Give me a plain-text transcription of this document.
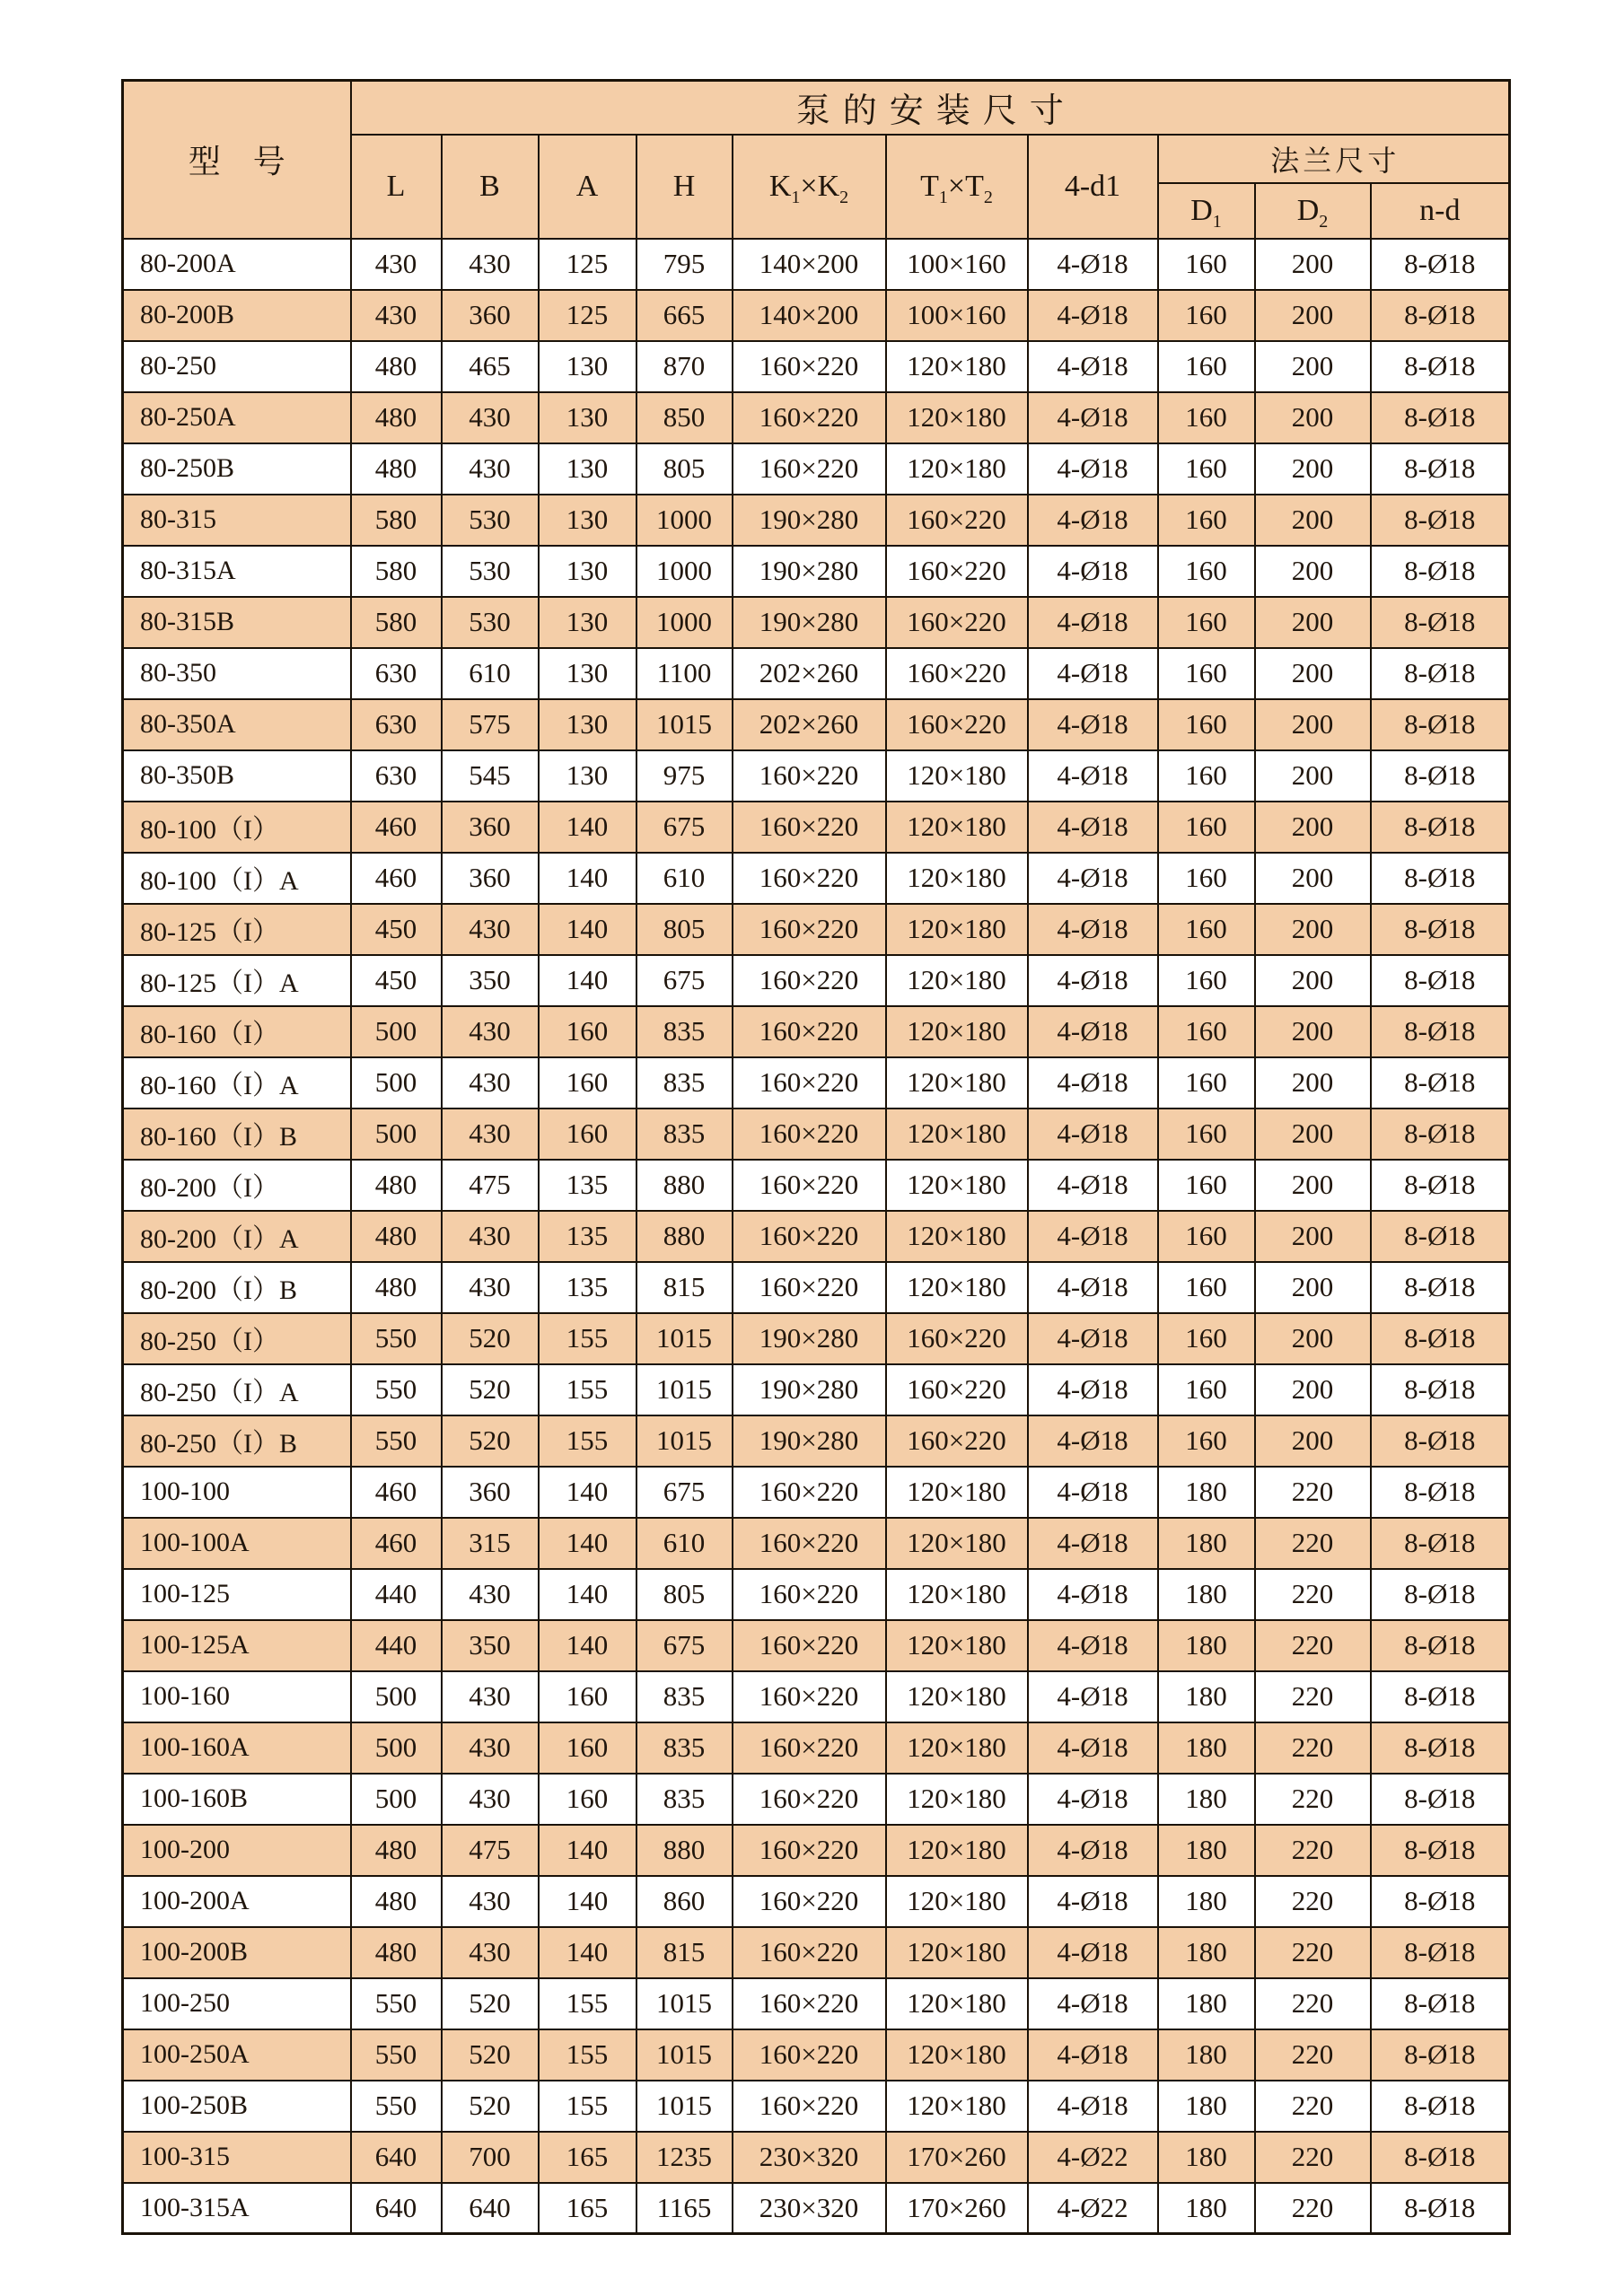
型　号	泵的安装尺寸									
	L	B	A	H	$K_1\times K_2$	$T_1\times T_2$	4-d1	法兰尺寸		
								$D_1$	$D_2$	n-d
80-200A	430	430	125	795	140×200	100×160	4-Ø18	160	200	8-Ø18
80-200B	430	360	125	665	140×200	100×160	4-Ø18	160	200	8-Ø18
80-250	480	465	130	870	160×220	120×180	4-Ø18	160	200	8-Ø18
80-250A	480	430	130	850	160×220	120×180	4-Ø18	160	200	8-Ø18
80-250B	480	430	130	805	160×220	120×180	4-Ø18	160	200	8-Ø18
80-315	580	530	130	1000	190×280	160×220	4-Ø18	160	200	8-Ø18
80-315A	580	530	130	1000	190×280	160×220	4-Ø18	160	200	8-Ø18
80-315B	580	530	130	1000	190×280	160×220	4-Ø18	160	200	8-Ø18
80-350	630	610	130	1100	202×260	160×220	4-Ø18	160	200	8-Ø18
80-350A	630	575	130	1015	202×260	160×220	4-Ø18	160	200	8-Ø18
80-350B	630	545	130	975	160×220	120×180	4-Ø18	160	200	8-Ø18
80-100（I）	460	360	140	675	160×220	120×180	4-Ø18	160	200	8-Ø18
80-100（I）A	460	360	140	610	160×220	120×180	4-Ø18	160	200	8-Ø18
80-125（I）	450	430	140	805	160×220	120×180	4-Ø18	160	200	8-Ø18
80-125（I）A	450	350	140	675	160×220	120×180	4-Ø18	160	200	8-Ø18
80-160（I）	500	430	160	835	160×220	120×180	4-Ø18	160	200	8-Ø18
80-160（I）A	500	430	160	835	160×220	120×180	4-Ø18	160	200	8-Ø18
80-160（I）B	500	430	160	835	160×220	120×180	4-Ø18	160	200	8-Ø18
80-200（I）	480	475	135	880	160×220	120×180	4-Ø18	160	200	8-Ø18
80-200（I）A	480	430	135	880	160×220	120×180	4-Ø18	160	200	8-Ø18
80-200（I）B	480	430	135	815	160×220	120×180	4-Ø18	160	200	8-Ø18
80-250（I）	550	520	155	1015	190×280	160×220	4-Ø18	160	200	8-Ø18
80-250（I）A	550	520	155	1015	190×280	160×220	4-Ø18	160	200	8-Ø18
80-250（I）B	550	520	155	1015	190×280	160×220	4-Ø18	160	200	8-Ø18
100-100	460	360	140	675	160×220	120×180	4-Ø18	180	220	8-Ø18
100-100A	460	315	140	610	160×220	120×180	4-Ø18	180	220	8-Ø18
100-125	440	430	140	805	160×220	120×180	4-Ø18	180	220	8-Ø18
100-125A	440	350	140	675	160×220	120×180	4-Ø18	180	220	8-Ø18
100-160	500	430	160	835	160×220	120×180	4-Ø18	180	220	8-Ø18
100-160A	500	430	160	835	160×220	120×180	4-Ø18	180	220	8-Ø18
100-160B	500	430	160	835	160×220	120×180	4-Ø18	180	220	8-Ø18
100-200	480	475	140	880	160×220	120×180	4-Ø18	180	220	8-Ø18
100-200A	480	430	140	860	160×220	120×180	4-Ø18	180	220	8-Ø18
100-200B	480	430	140	815	160×220	120×180	4-Ø18	180	220	8-Ø18
100-250	550	520	155	1015	160×220	120×180	4-Ø18	180	220	8-Ø18
100-250A	550	520	155	1015	160×220	120×180	4-Ø18	180	220	8-Ø18
100-250B	550	520	155	1015	160×220	120×180	4-Ø18	180	220	8-Ø18
100-315	640	700	165	1235	230×320	170×260	4-Ø22	180	220	8-Ø18
100-315A	640	640	165	1165	230×320	170×260	4-Ø22	180	220	8-Ø18
